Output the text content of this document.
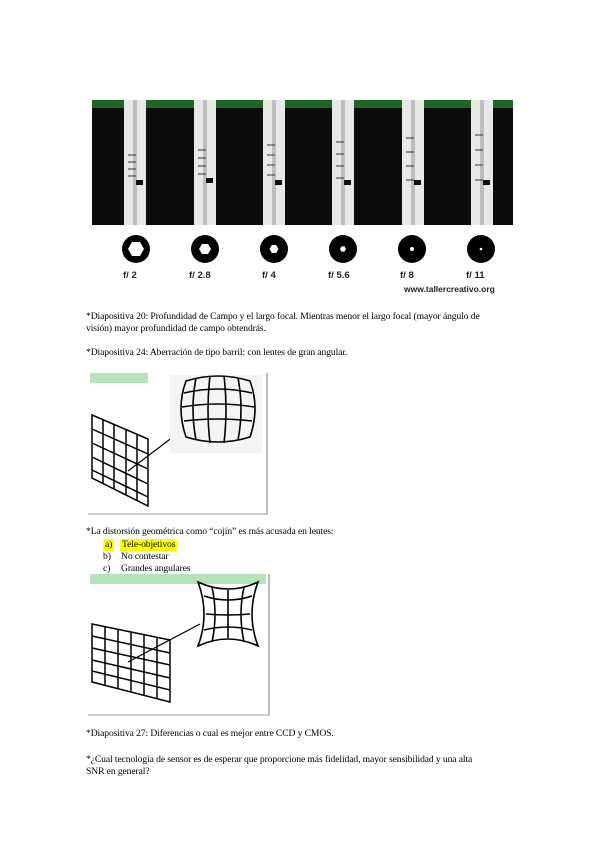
f/ 2	f/ 2.8	f/ 4	f/ 5.6	f/ 8	f/ 11
www.tallercreativo.org
*Diapositiva 20: Profundidad de Campo y el largo focal. Mientras menor el largo focal (mayor ángulo de
visión) mayor profundidad de campo obtendrás.
*Diapositiva 24: Aberración de tipo barril: con lentes de gran angular.
*La distorsión geométrica como “cojín” es más acusada en lentes:
a) Tele-objetivos
b) No contestar
c) Grandes angulares
*Diapositiva 27: Diferencias o cual es mejor entre CCD y CMOS.
*¿Cual tecnología de sensor es de esperar que proporcione más fidelidad, mayor sensibilidad y una alta
SNR en general?
